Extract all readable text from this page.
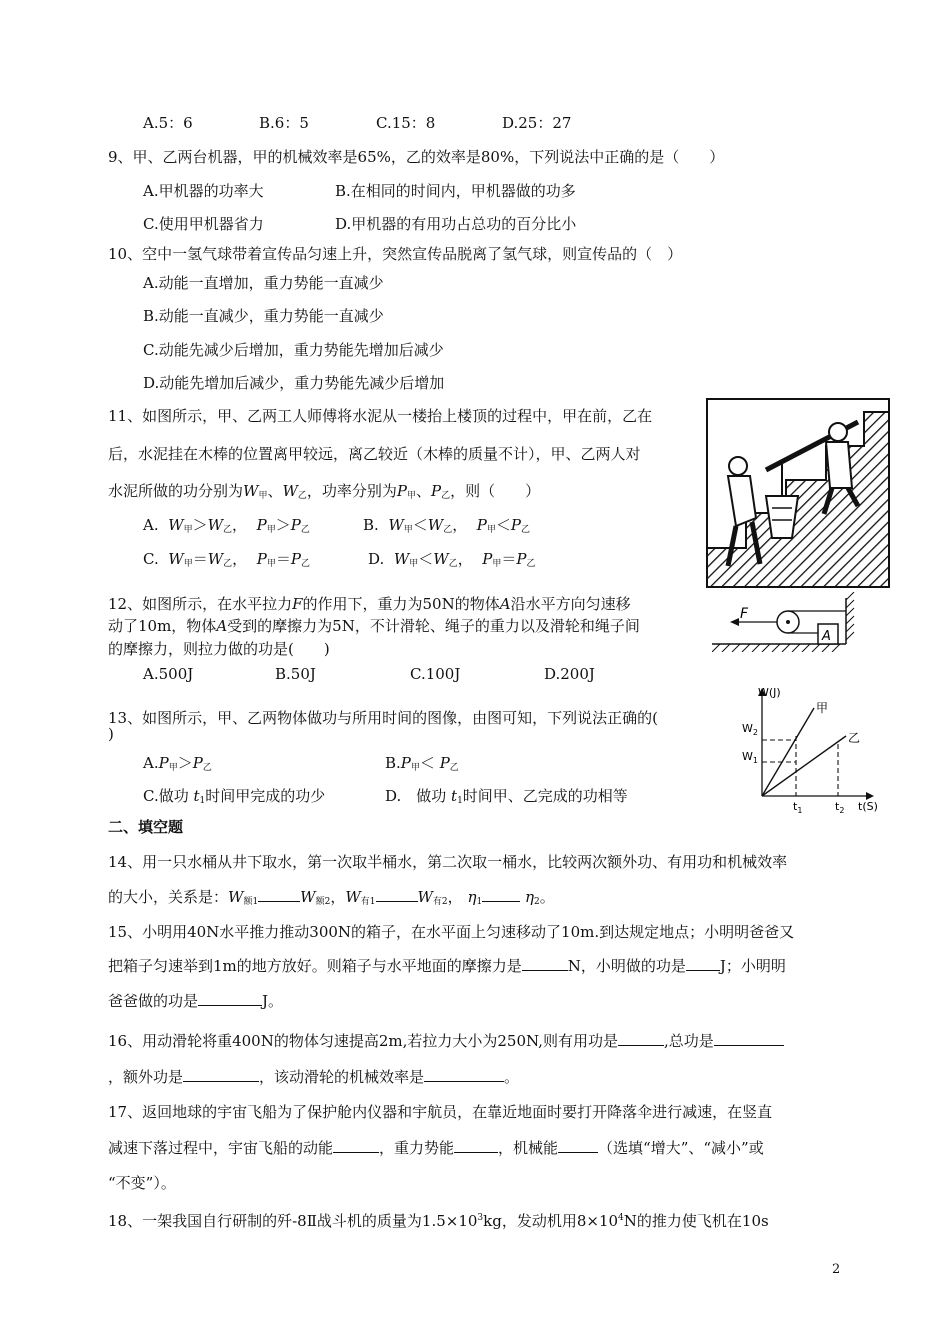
A.5：6	B.6：5	C.15：8	D.25：27
9、甲、乙两台机器，甲的机械效率是65%，乙的效率是80%，下列说法中正确的是（　　）
A.甲机器的功率大	B.在相同的时间内，甲机器做的功多
C.使用甲机器省力	D.甲机器的有用功占总功的百分比小
10、空中一氢气球带着宣传品匀速上升，突然宣传品脱离了氢气球，则宣传品的（　）
A.动能一直增加，重力势能一直减少
B.动能一直减少，重力势能一直减少
C.动能先减少后增加，重力势能先增加后减少
D.动能先增加后减少，重力势能先减少后增加
11、如图所示，甲、乙两工人师傅将水泥从一楼抬上楼顶的过程中，甲在前，乙在
后，水泥挂在木棒的位置离甲较远，离乙较近（木棒的质量不计），甲、乙两人对
水泥所做的功分别为$W_甲$、$W_乙$，功率分别为$P_甲$、$P_乙$，则（　　）
A. $W_甲>W_乙$， $P_甲>P_乙$	B. $W_甲<W_乙$， $P_甲<P_乙$
C. $W_甲=W_乙$， $P_甲=P_乙$	D. $W_甲<W_乙$， $P_甲=P_乙$
12、如图所示，在水平拉力F的作用下，重力为50N的物体A沿水平方向匀速移
动了10m，物体A受到的摩擦力为5N，不计滑轮、绳子的重力以及滑轮和绳子间
的摩擦力，则拉力做的功是(　　)
A.500J	B.50J	C.100J	D.200J
F
A
13、如图所示，甲、乙两物体做功与所用时间的图像，由图可知，下列说法正确的(
)
$A.P_甲>P_乙$	$B.P_甲< P_乙$
C.做功 $t_1$时间甲完成的功少	D.　做功 $t_1$时间甲、乙完成的功相等
W(J)
$W_2$
$W_1$
$t_1$	$t_2$ t(S)
甲
乙
二、填空题
14、用一只水桶从井下取水，第一次取半桶水，第二次取一桶水，比较两次额外功、有用功和机械效率
的大小，关系是：$W_{额1}$	$W_{额2}$，$W_{有1}$	$W_{有2}$， $\eta_1$	$\eta_2$。
15、小明用40N水平推力推动300N的箱子，在水平面上匀速移动了10m.到达规定地点；小明明爸爸又
把箱子匀速举到1m的地方放好。则箱子与水平地面的摩擦力是	N，小明做的功是 J；小明明
爸爸做的功是	J。
16、用动滑轮将重400N的物体匀速提高2m,若拉力大小为250N,则有用功是	,总功是
，额外功是	，该动滑轮的机械效率是	。
17、返回地球的宇宙飞船为了保护舱内仪器和宇航员，在靠近地面时要打开降落伞进行减速，在竖直
减速下落过程中，宇宙飞船的动能	，重力势能	，机械能	（选填“增大”、“减小”或
“不变”）。
18、一架我国自行研制的歼-8Ⅱ战斗机的质量为$1.5\times 10^3kg$，发动机用$8\times 10^4N$的推力使飞机在10s
2
